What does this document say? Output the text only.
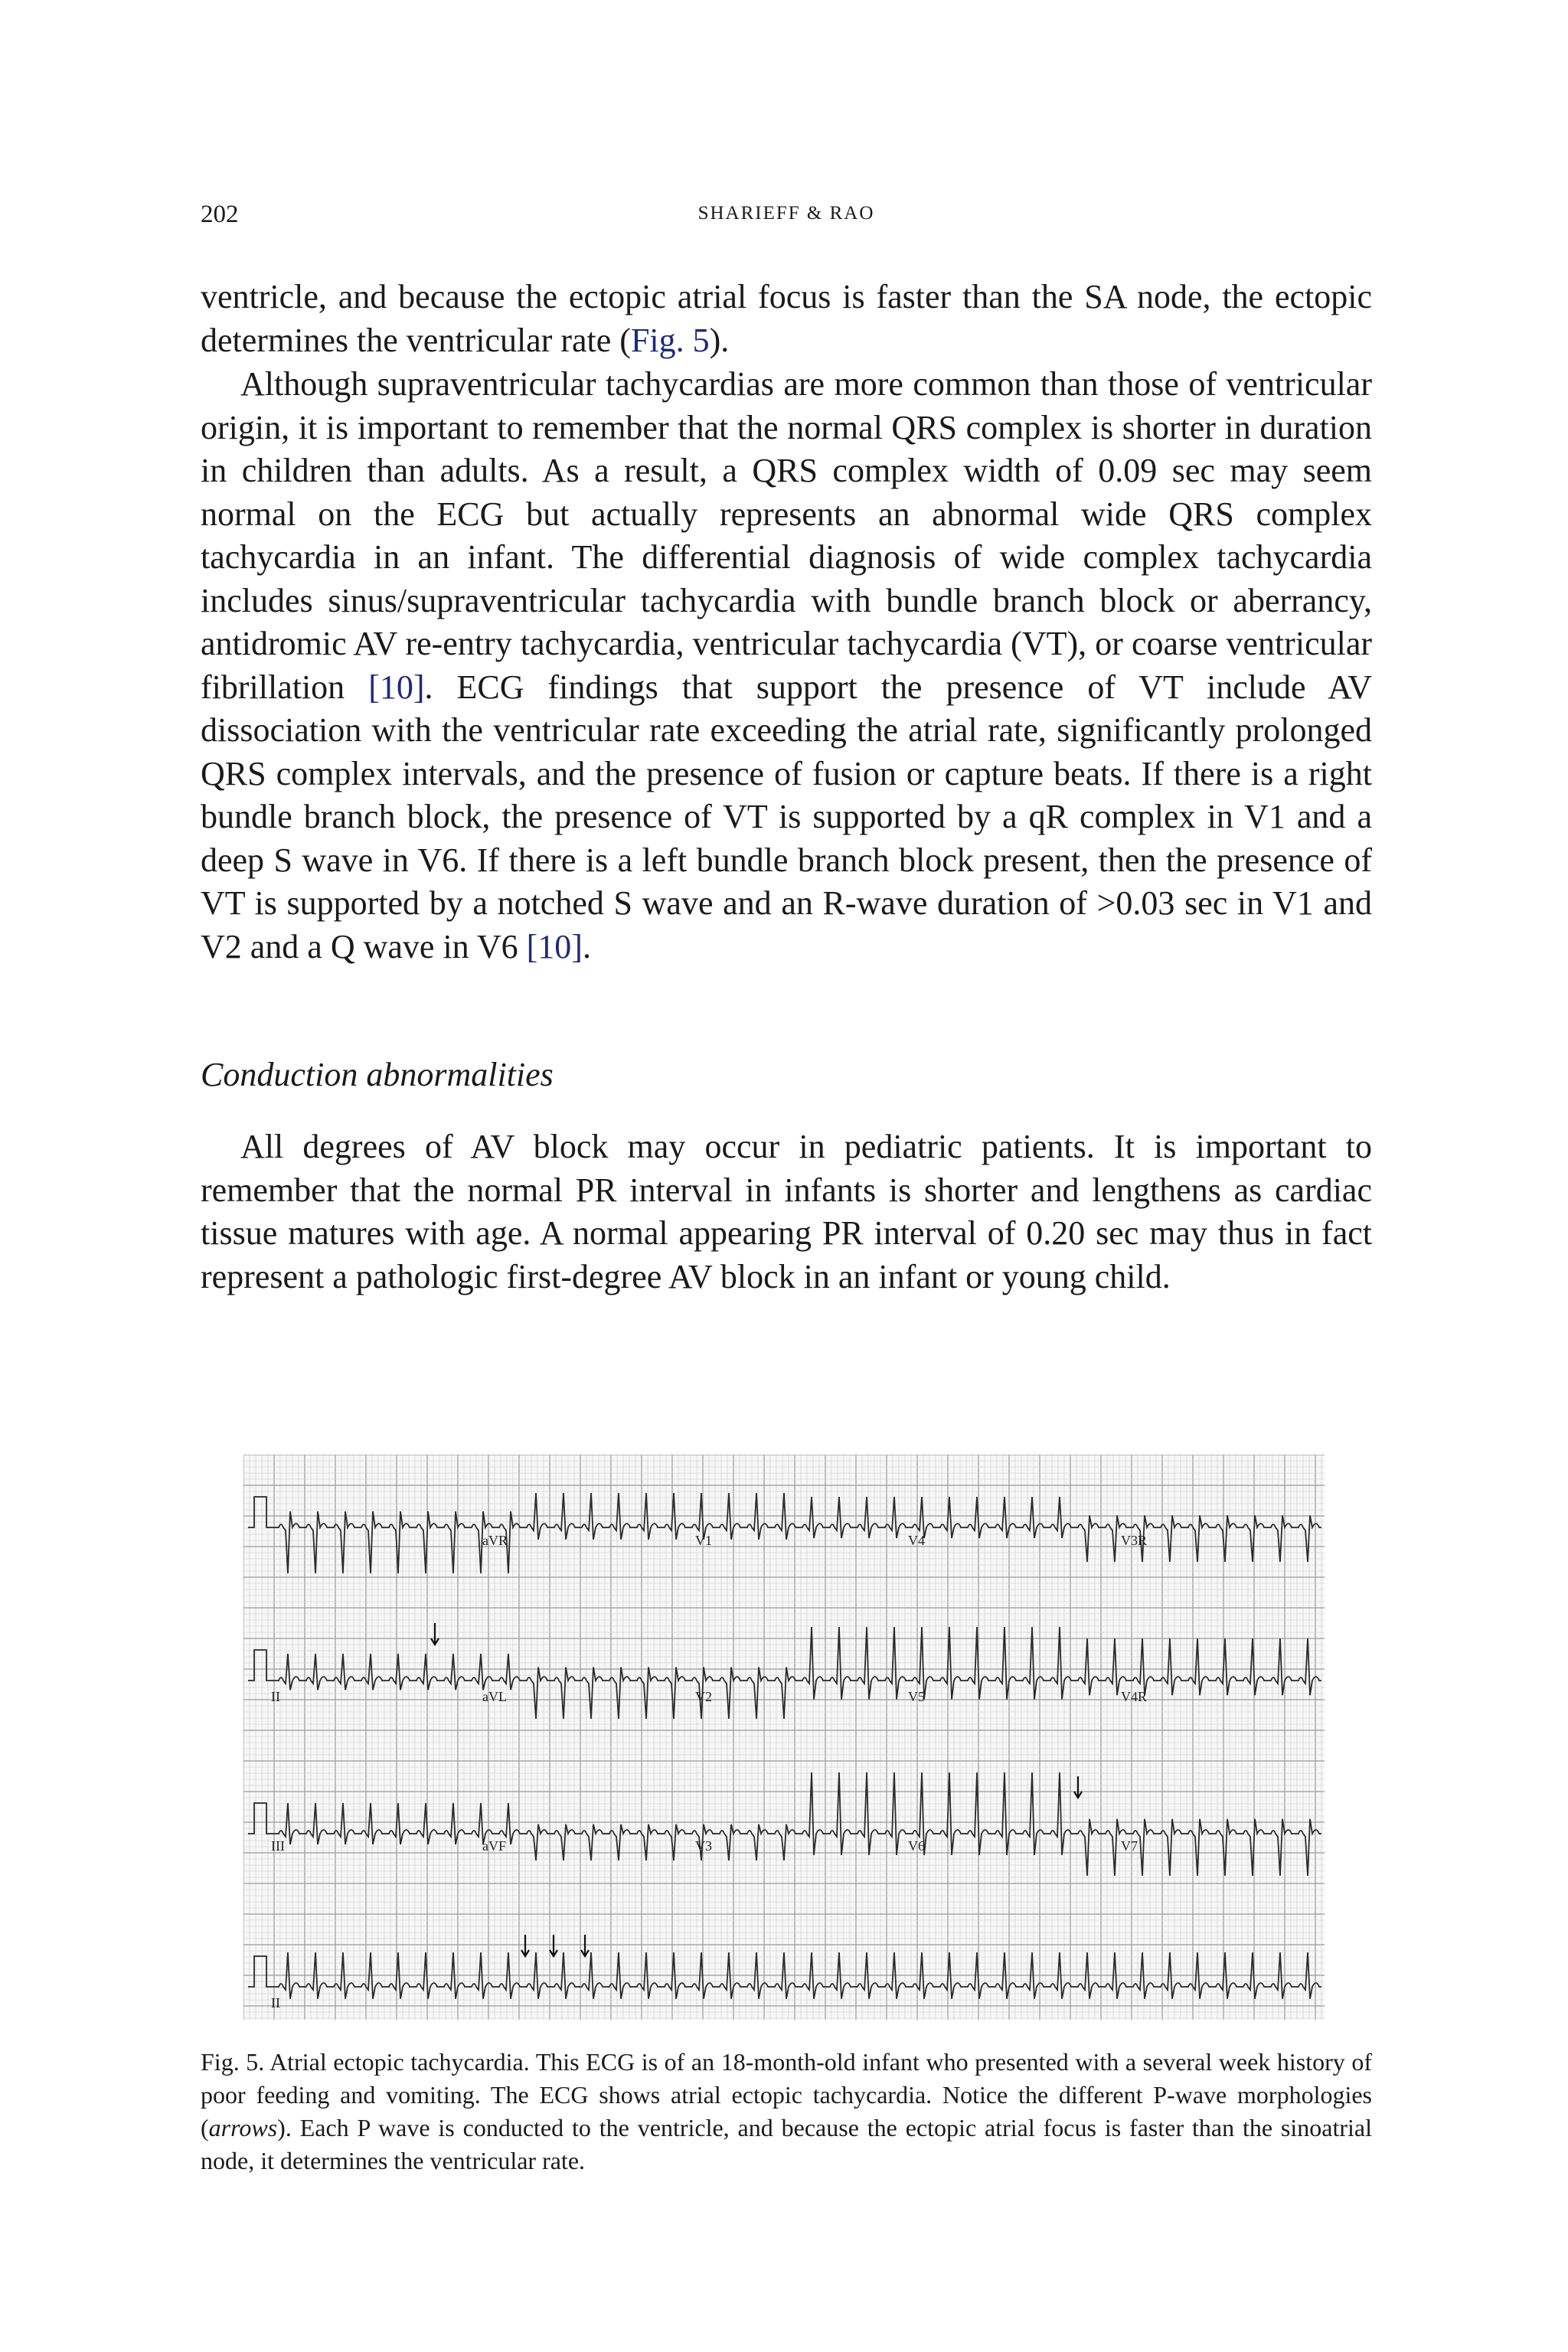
202	SHARIEFF & RAO

ventricle, and because the ectopic atrial focus is faster than the SA node, the ectopic determines the ventricular rate (Fig. 5).

Although supraventricular tachycardias are more common than those of ventricular origin, it is important to remember that the normal QRS complex is shorter in duration in children than adults. As a result, a QRS complex width of 0.09 sec may seem normal on the ECG but actually represents an abnormal wide QRS complex tachycardia in an infant. The differential diagnosis of wide complex tachycardia includes sinus/supraventricular tachycardia with bundle branch block or aberrancy, antidromic AV re-entry tachycardia, ventricular tachycardia (VT), or coarse ventricular fibrillation [10]. ECG findings that support the presence of VT include AV dissociation with the ventricular rate exceeding the atrial rate, significantly prolonged QRS complex intervals, and the presence of fusion or capture beats. If there is a right bundle branch block, the presence of VT is supported by a qR complex in V1 and a deep S wave in V6. If there is a left bundle branch block present, then the presence of VT is supported by a notched S wave and an R-wave duration of >0.03 sec in V1 and V2 and a Q wave in V6 [10].

Conduction abnormalities

All degrees of AV block may occur in pediatric patients. It is important to remember that the normal PR interval in infants is shorter and lengthens as cardiac tissue matures with age. A normal appearing PR interval of 0.20 sec may thus in fact represent a pathologic first-degree AV block in an infant or young child.

aVR	V1	V4	V3R
II	aVL	V2	V5	V4R
III	aVF	V3	V6	V7
II

Fig. 5. Atrial ectopic tachycardia. This ECG is of an 18-month-old infant who presented with a several week history of poor feeding and vomiting. The ECG shows atrial ectopic tachycardia. Notice the different P-wave morphologies (arrows). Each P wave is conducted to the ventricle, and because the ectopic atrial focus is faster than the sinoatrial node, it determines the ventricular rate.
